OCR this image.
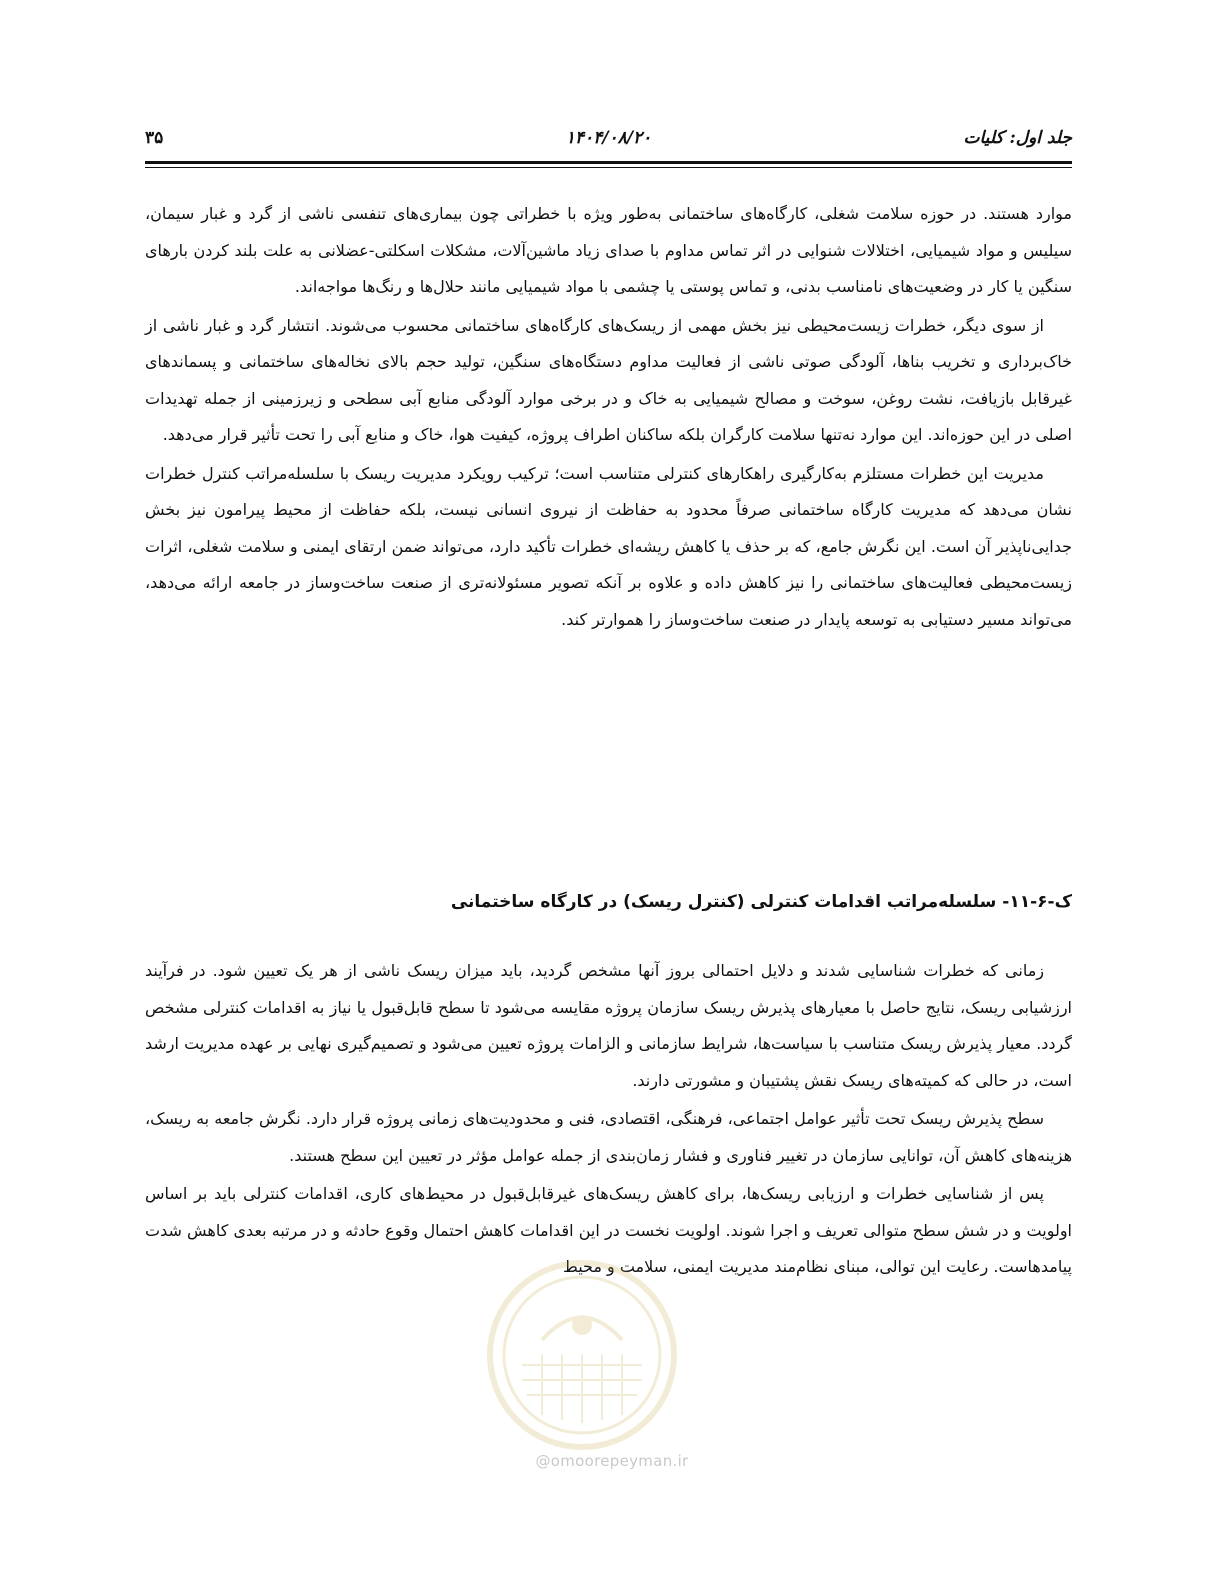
جلد اول: کلیات
۱۴۰۴/۰۸/۲۰
۳۵

موارد هستند. در حوزه سلامت شغلی، کارگاه‌های ساختمانی به‌طور ویژه با خطراتی چون بیماری‌های تنفسی ناشی از گرد و غبار سیمان، سیلیس و مواد شیمیایی، اختلالات شنوایی در اثر تماس مداوم با صدای زیاد ماشین‌آلات، مشکلات اسکلتی-عضلانی به علت بلند کردن بارهای سنگین یا کار در وضعیت‌های نامناسب بدنی، و تماس پوستی یا چشمی با مواد شیمیایی مانند حلال‌ها و رنگ‌ها مواجه‌اند.

از سوی دیگر، خطرات زیست‌محیطی نیز بخش مهمی از ریسک‌های کارگاه‌های ساختمانی محسوب می‌شوند. انتشار گرد و غبار ناشی از خاک‌برداری و تخریب بناها، آلودگی صوتی ناشی از فعالیت مداوم دستگاه‌های سنگین، تولید حجم بالای نخاله‌های ساختمانی و پسماندهای غیرقابل بازیافت، نشت روغن، سوخت و مصالح شیمیایی به خاک و در برخی موارد آلودگی منابع آبی سطحی و زیرزمینی از جمله تهدیدات اصلی در این حوزه‌اند. این موارد نه‌تنها سلامت کارگران بلکه ساکنان اطراف پروژه، کیفیت هوا، خاک و منابع آبی را تحت تأثیر قرار می‌دهد.

مدیریت این خطرات مستلزم به‌کارگیری راهکارهای کنترلی متناسب است؛ ترکیب رویکرد مدیریت ریسک با سلسله‌مراتب کنترل خطرات نشان می‌دهد که مدیریت کارگاه ساختمانی صرفاً محدود به حفاظت از نیروی انسانی نیست، بلکه حفاظت از محیط پیرامون نیز بخش جدایی‌ناپذیر آن است. این نگرش جامع، که بر حذف یا کاهش ریشه‌ای خطرات تأکید دارد، می‌تواند ضمن ارتقای ایمنی و سلامت شغلی، اثرات زیست‌محیطی فعالیت‌های ساختمانی را نیز کاهش داده و علاوه بر آنکه تصویر مسئولانه‌تری از صنعت ساخت‌وساز در جامعه ارائه می‌دهد، می‌تواند مسیر دستیابی به توسعه پایدار در صنعت ساخت‌وساز را هموارتر کند.

ک-۶-۱۱- سلسله‌مراتب اقدامات کنترلی (کنترل ریسک) در کارگاه ساختمانی

زمانی که خطرات شناسایی شدند و دلایل احتمالی بروز آنها مشخص گردید، باید میزان ریسک ناشی از هر یک تعیین شود. در فرآیند ارزشیابی ریسک، نتایج حاصل با معیارهای پذیرش ریسک سازمان پروژه مقایسه می‌شود تا سطح قابل‌قبول یا نیاز به اقدامات کنترلی مشخص گردد. معیار پذیرش ریسک متناسب با سیاست‌ها، شرایط سازمانی و الزامات پروژه تعیین می‌شود و تصمیم‌گیری نهایی بر عهده مدیریت ارشد است، در حالی که کمیته‌های ریسک نقش پشتیبان و مشورتی دارند.

سطح پذیرش ریسک تحت تأثیر عوامل اجتماعی، فرهنگی، اقتصادی، فنی و محدودیت‌های زمانی پروژه قرار دارد. نگرش جامعه به ریسک، هزینه‌های کاهش آن، توانایی سازمان در تغییر فناوری و فشار زمان‌بندی از جمله عوامل مؤثر در تعیین این سطح هستند.

پس از شناسایی خطرات و ارزیابی ریسک‌ها، برای کاهش ریسک‌های غیرقابل‌قبول در محیط‌های کاری، اقدامات کنترلی باید بر اساس اولویت و در شش سطح متوالی تعریف و اجرا شوند. اولویت نخست در این اقدامات کاهش احتمال وقوع حادثه و در مرتبه بعدی کاهش شدت پیامدهاست. رعایت این توالی، مبنای نظام‌مند مدیریت ایمنی، سلامت و محیط

@omoorepeyman.ir
